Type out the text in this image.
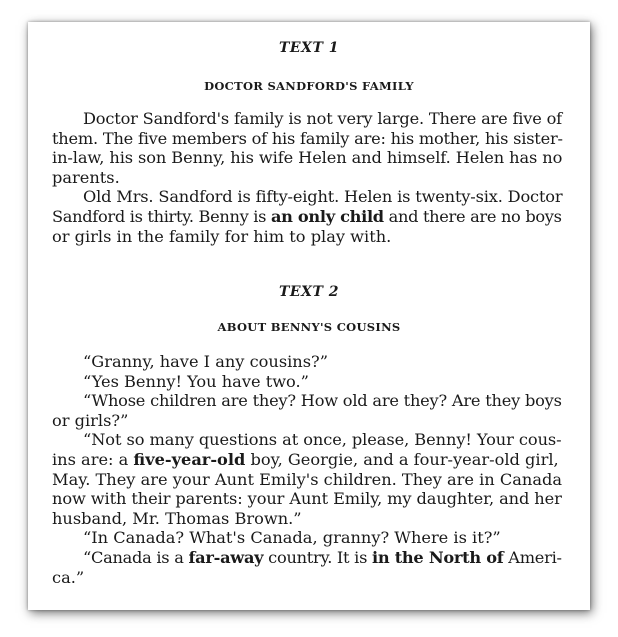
TEXT 1
DOCTOR SANDFORD'S FAMILY
Doctor Sandford's family is not very large. There are five of
them. The five members of his family are: his mother, his sister-
in-law, his son Benny, his wife Helen and himself. Helen has no
parents.
Old Mrs. Sandford is fifty-eight. Helen is twenty-six. Doctor
Sandford is thirty. Benny is an only child and there are no boys
or girls in the family for him to play with.
TEXT 2
ABOUT BENNY'S COUSINS
“Granny, have I any cousins?”
“Yes Benny! You have two.”
“Whose children are they? How old are they? Are they boys
or girls?”
“Not so many questions at once, please, Benny! Your cous-
ins are: a five-year-old boy, Georgie, and a four-year-old girl,
May. They are your Aunt Emily's children. They are in Canada
now with their parents: your Aunt Emily, my daughter, and her
husband, Mr. Thomas Brown.”
“In Canada? What's Canada, granny? Where is it?”
“Canada is a far-away country. It is in the North of Ameri-
ca.”
